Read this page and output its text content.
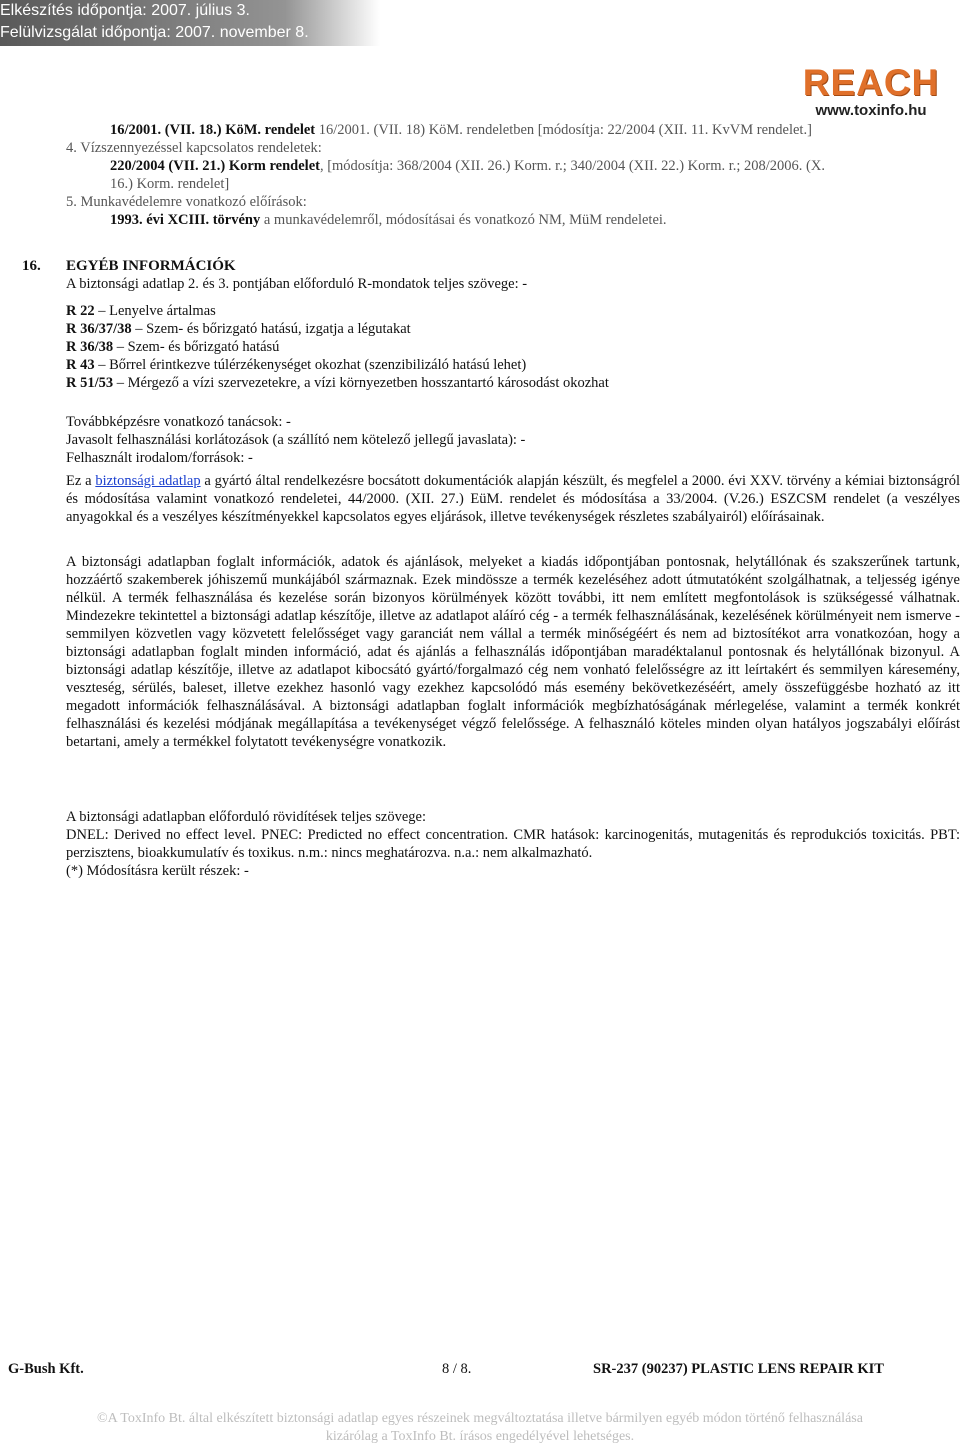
Elkészítés időpontja: 2007. július 3.
Felülvizsgálat időpontja: 2007. november 8.
REACH
www.toxinfo.hu
16/2001. (VII. 18.) KöM. rendelet 16/2001. (VII. 18) KöM. rendeletben [módosítja: 22/2004 (XII. 11. KvVM rendelet.]
4. Vízszennyezéssel kapcsolatos rendeletek:
220/2004 (VII. 21.) Korm rendelet, [módosítja: 368/2004 (XII. 26.) Korm. r.; 340/2004 (XII. 22.) Korm. r.; 208/2006. (X.
16.) Korm. rendelet]
5. Munkavédelemre vonatkozó előírások:
1993. évi XCIII. törvény a munkavédelemről, módosításai és vonatkozó NM, MüM rendeletei.
16. EGYÉB INFORMÁCIÓK
A biztonsági adatlap 2. és 3. pontjában előforduló R-mondatok teljes szövege: -
R 22 – Lenyelve ártalmas
R 36/37/38 – Szem- és bőrizgató hatású, izgatja a légutakat
R 36/38 – Szem- és bőrizgató hatású
R 43 – Bőrrel érintkezve túlérzékenységet okozhat (szenzibilizáló hatású lehet)
R 51/53 – Mérgező a vízi szervezetekre, a vízi környezetben hosszantartó károsodást okozhat
Továbbképzésre vonatkozó tanácsok: -
Javasolt felhasználási korlátozások (a szállító nem kötelező jellegű javaslata): -
Felhasznált irodalom/források: -
Ez a biztonsági adatlap a gyártó által rendelkezésre bocsátott dokumentációk alapján készült, és megfelel a 2000. évi XXV. törvény a kémiai biztonságról és módosítása valamint vonatkozó rendeletei, 44/2000. (XII. 27.) EüM. rendelet és módosítása a 33/2004. (V.26.) ESZCSM rendelet (a veszélyes anyagokkal és a veszélyes készítményekkel kapcsolatos egyes eljárások, illetve tevékenységek részletes szabályairól) előírásainak.
A biztonsági adatlapban foglalt információk, adatok és ajánlások, melyeket a kiadás időpontjában pontosnak, helytállónak és szakszerűnek tartunk, hozzáértő szakemberek jóhiszemű munkájából származnak. Ezek mindössze a termék kezeléséhez adott útmutatóként szolgálhatnak, a teljesség igénye nélkül. A termék felhasználása és kezelése során bizonyos körülmények között további, itt nem említett megfontolások is szükségessé válhatnak. Mindezekre tekintettel a biztonsági adatlap készítője, illetve az adatlapot aláíró cég - a termék felhasználásának, kezelésének körülményeit nem ismerve - semmilyen közvetlen vagy közvetett felelősséget vagy garanciát nem vállal a termék minőségéért és nem ad biztosítékot arra vonatkozóan, hogy a biztonsági adatlapban foglalt minden információ, adat és ajánlás a felhasználás időpontjában maradéktalanul pontosnak és helytállónak bizonyul. A biztonsági adatlap készítője, illetve az adatlapot kibocsátó gyártó/forgalmazó cég nem vonható felelősségre az itt leírtakért és semmilyen káresemény, veszteség, sérülés, baleset, illetve ezekhez hasonló vagy ezekhez kapcsolódó más esemény bekövetkezéséért, amely összefüggésbe hozható az itt megadott információk felhasználásával. A biztonsági adatlapban foglalt információk megbízhatóságának mérlegelése, valamint a termék konkrét felhasználási és kezelési módjának megállapítása a tevékenységet végző felelőssége. A felhasználó köteles minden olyan hatályos jogszabályi előírást betartani, amely a termékkel folytatott tevékenységre vonatkozik.
A biztonsági adatlapban előforduló rövidítések teljes szövege:
DNEL: Derived no effect level. PNEC: Predicted no effect concentration. CMR hatások: karcinogenitás, mutagenitás és reprodukciós toxicitás. PBT: perzisztens, bioakkumulatív és toxikus. n.m.: nincs meghatározva. n.a.: nem alkalmazható.
(*) Módosításra került részek: -
G-Bush Kft.	8 / 8.	SR-237 (90237) PLASTIC LENS REPAIR KIT
©A ToxInfo Bt. által elkészített biztonsági adatlap egyes részeinek megváltoztatása illetve bármilyen egyéb módon történő felhasználása
kizárólag a ToxInfo Bt. írásos engedélyével lehetséges.
